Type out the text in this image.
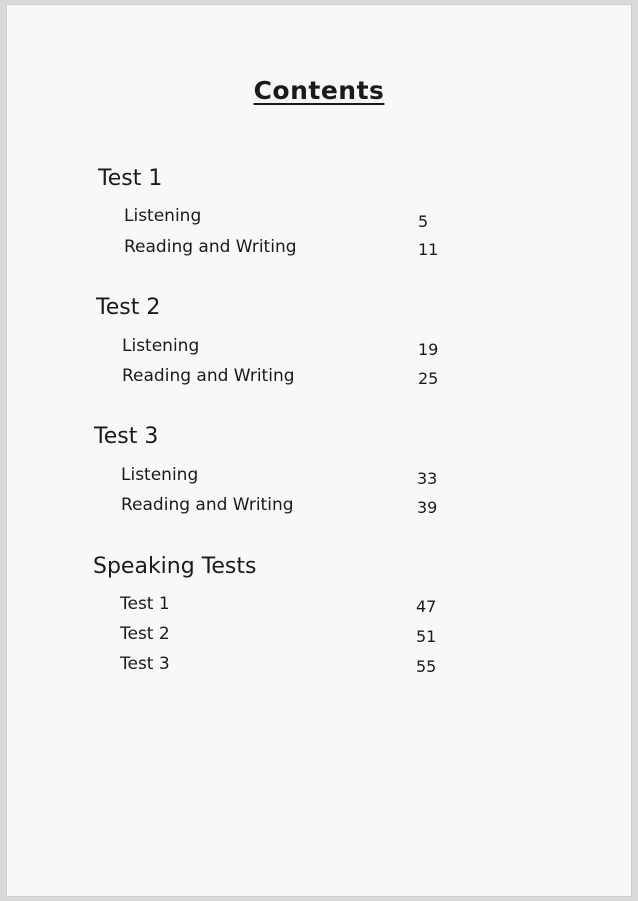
Contents
Test 1
Listening	5
Reading and Writing	11
Test 2
Listening	19
Reading and Writing	25
Test 3
Listening	33
Reading and Writing	39
Speaking Tests
Test 1	47
Test 2	51
Test 3	55
